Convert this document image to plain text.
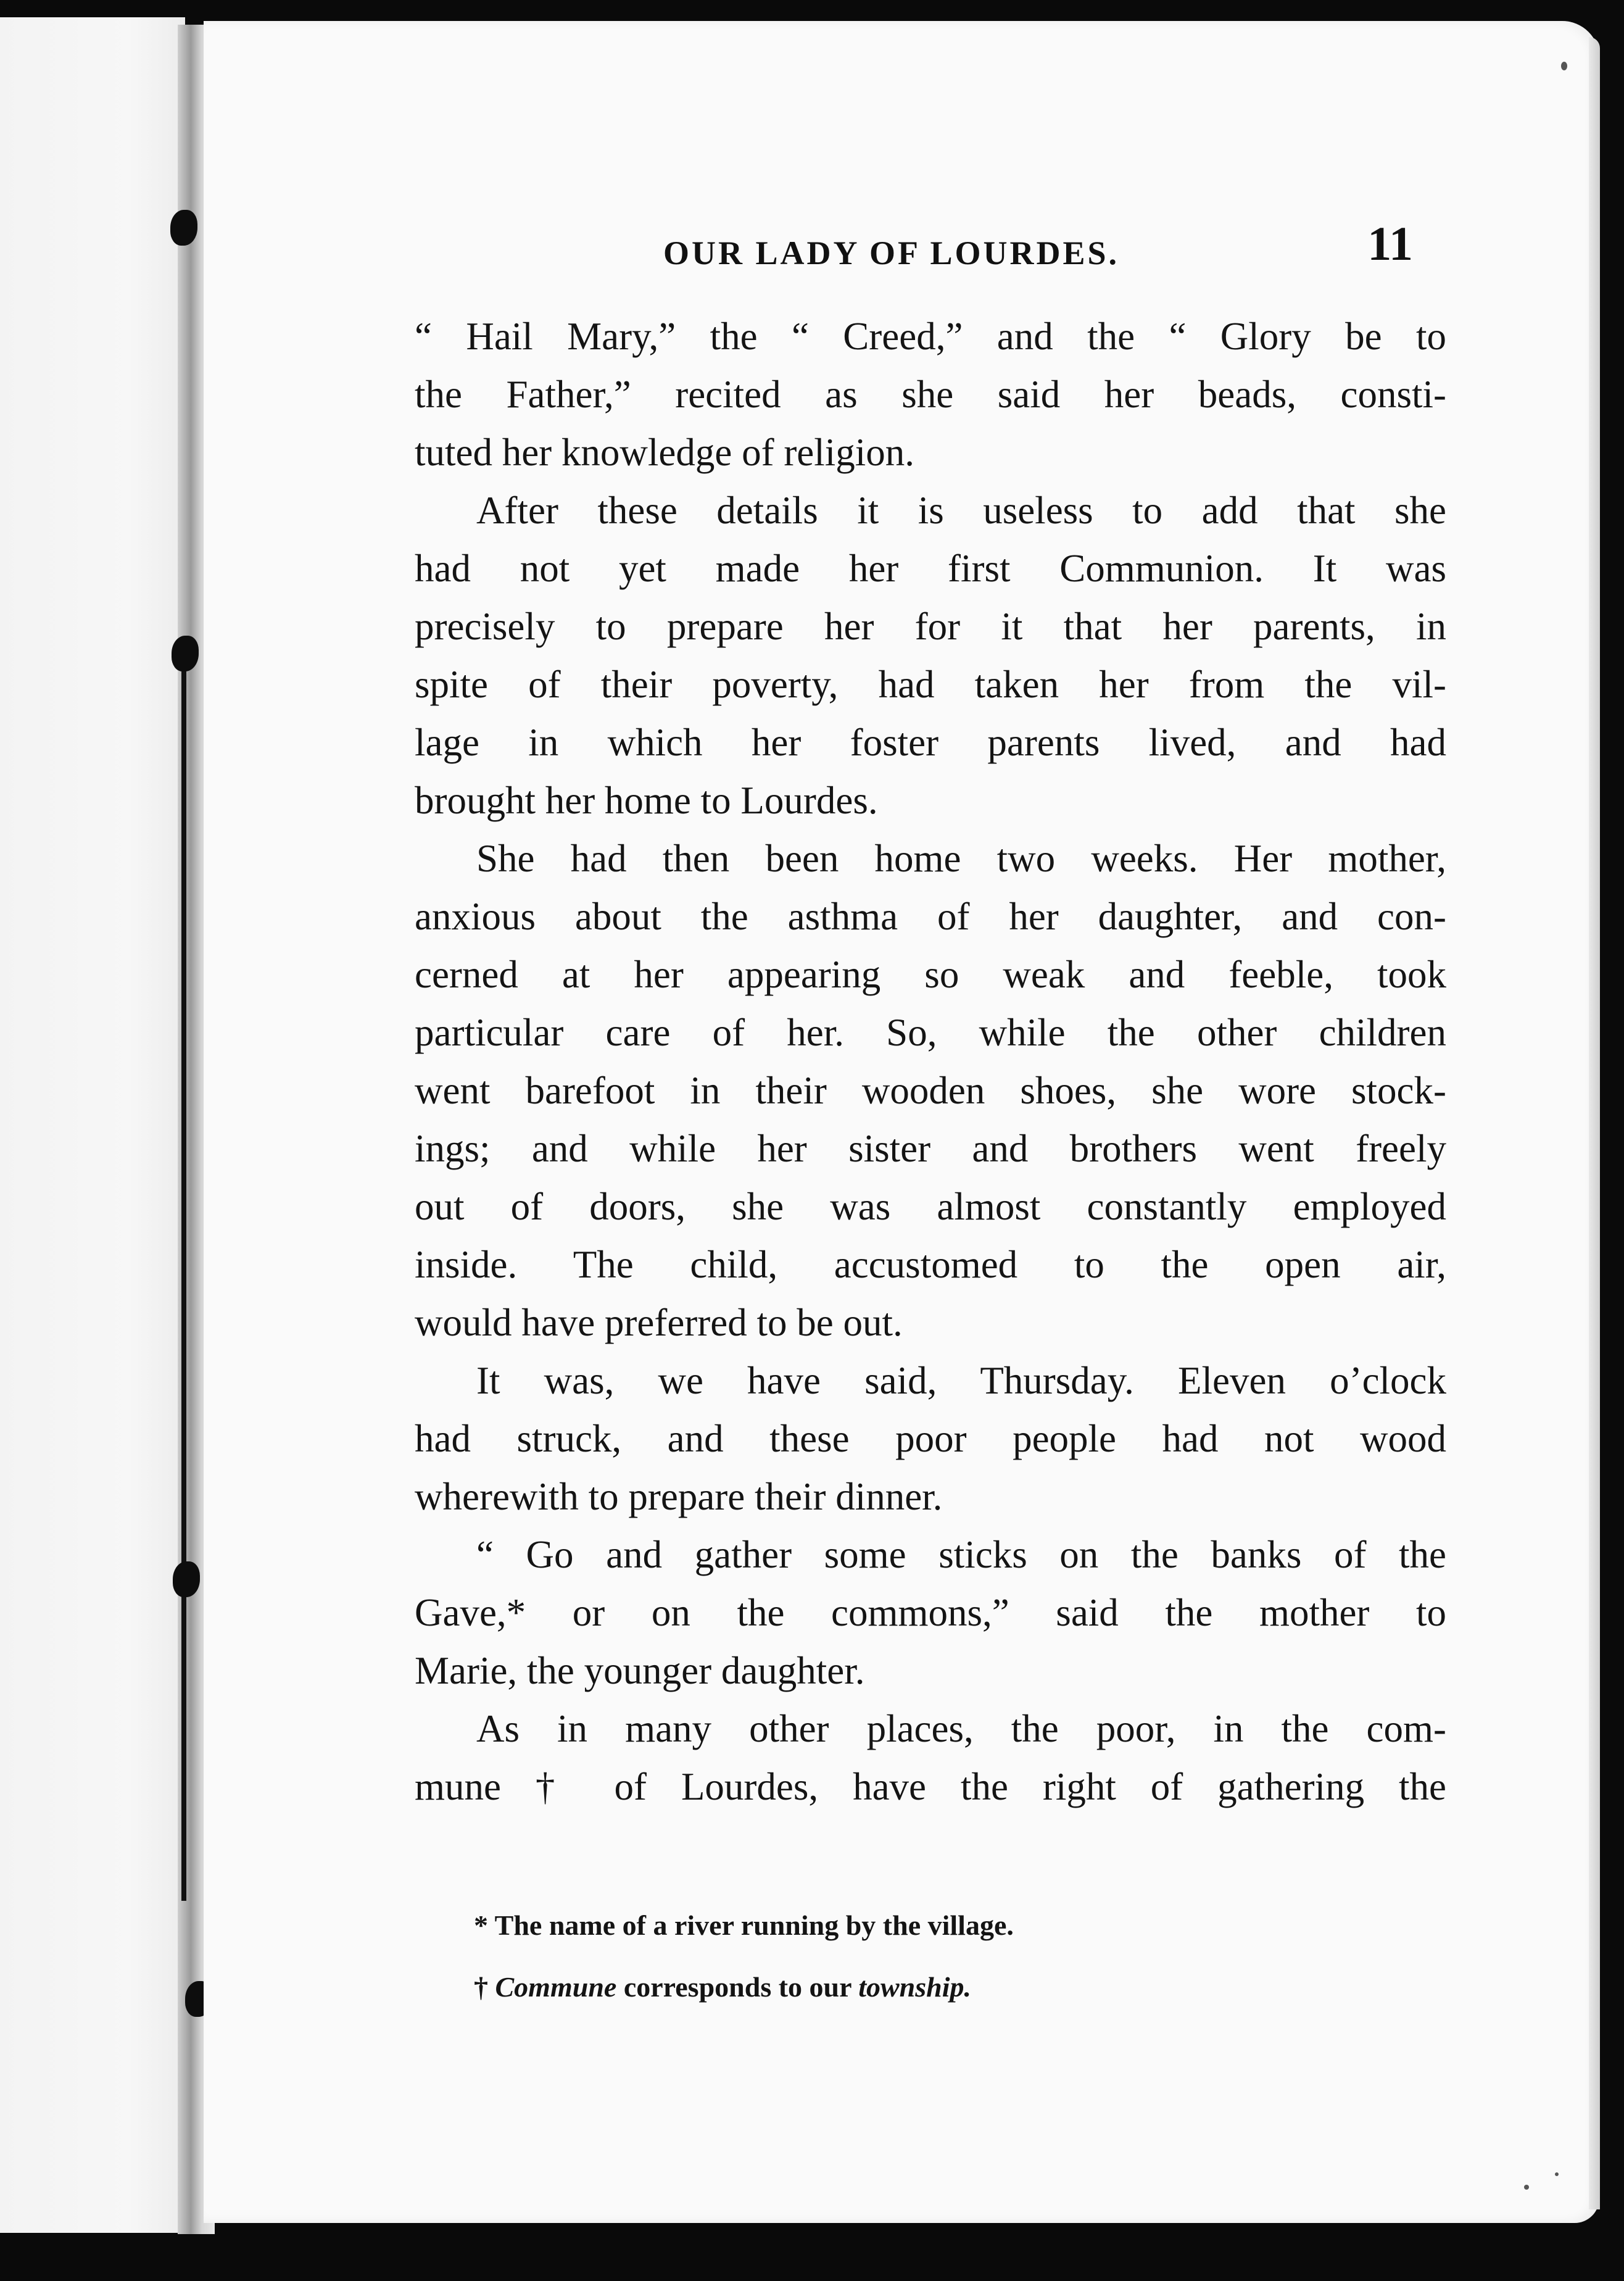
OUR LADY OF LOURDES.	11

“ Hail Mary,” the “ Creed,” and the “ Glory be to
the Father,” recited as she said her beads, consti-
tuted her knowledge of religion.

After these details it is useless to add that she
had not yet made her first Communion. It was
precisely to prepare her for it that her parents, in
spite of their poverty, had taken her from the vil-
lage in which her foster parents lived, and had
brought her home to Lourdes.

She had then been home two weeks. Her mother,
anxious about the asthma of her daughter, and con-
cerned at her appearing so weak and feeble, took
particular care of her. So, while the other children
went barefoot in their wooden shoes, she wore stock-
ings; and while her sister and brothers went freely
out of doors, she was almost constantly employed
inside. The child, accustomed to the open air,
would have preferred to be out.

It was, we have said, Thursday. Eleven o’clock
had struck, and these poor people had not wood
wherewith to prepare their dinner.

“ Go and gather some sticks on the banks of the
Gave,* or on the commons,” said the mother to
Marie, the younger daughter.

As in many other places, the poor, in the com-
mune † of Lourdes, have the right of gathering the

* The name of a river running by the village.
† Commune corresponds to our township.
